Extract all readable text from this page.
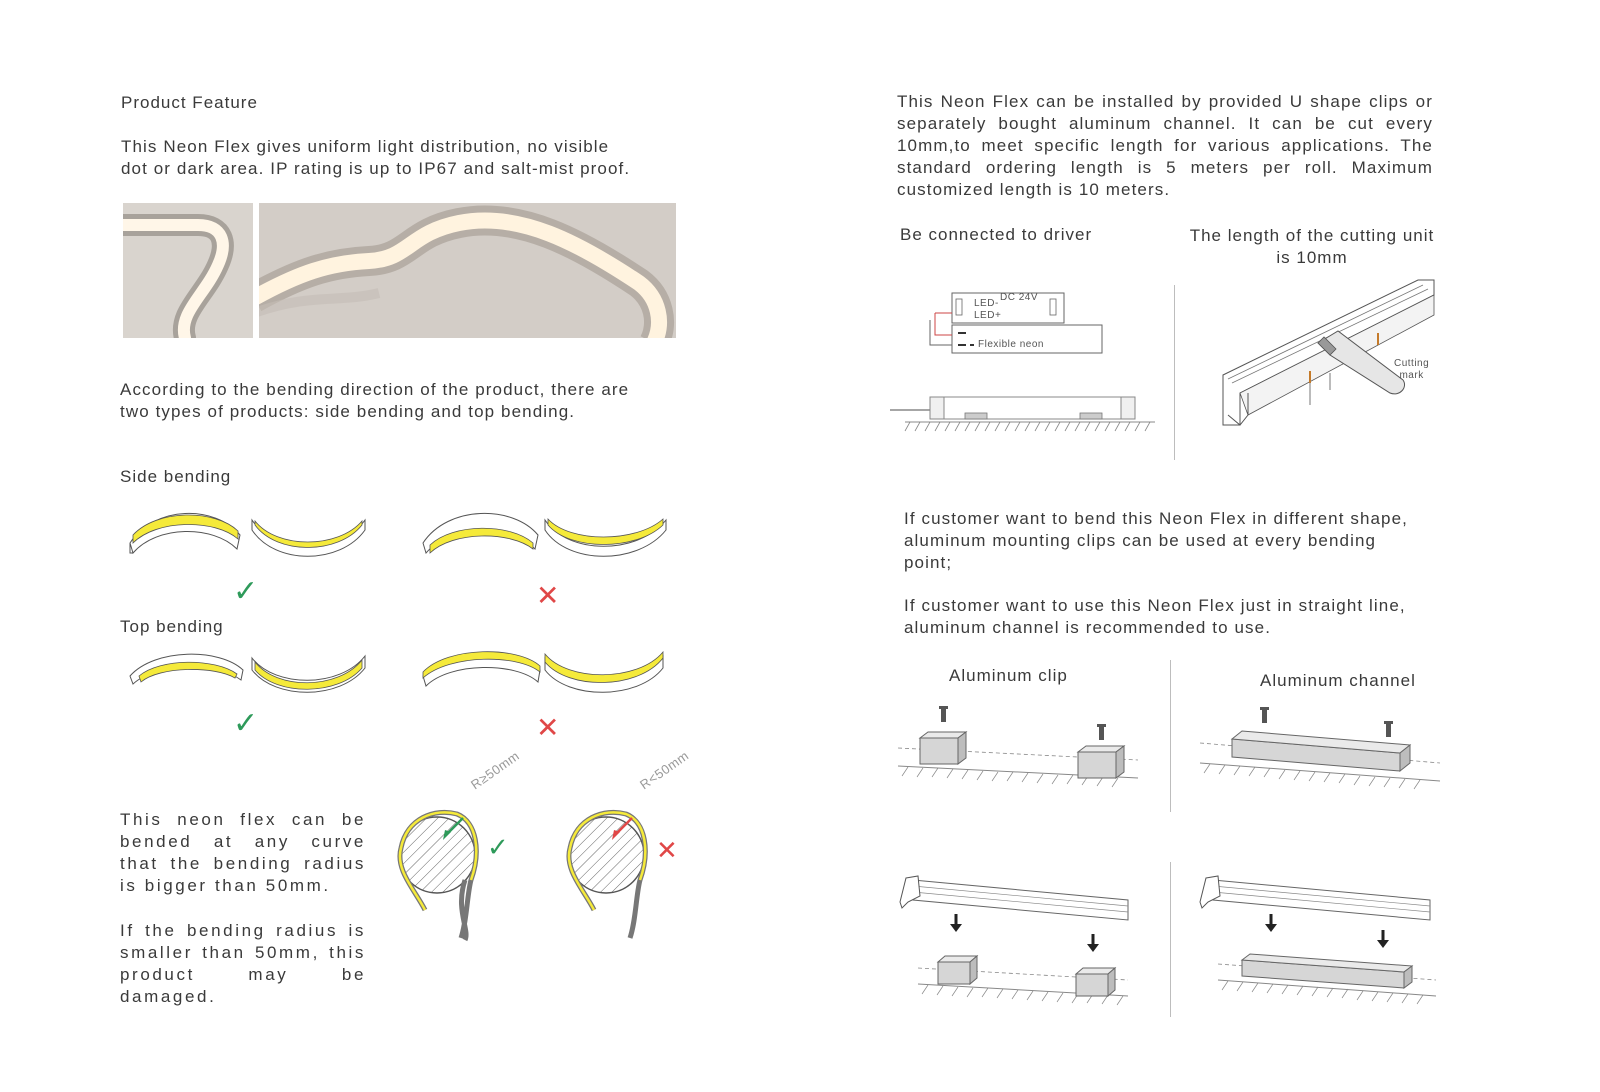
Product Feature
This Neon Flex gives uniform light distribution, no visible
dot or dark area. IP rating is up to IP67 and salt-mist proof.
According to the bending direction of the product, there are
two types of products: side bending and top bending.
Side bending
✓	✕
Top bending
✓	✕
This neon flex can be bended at any curve that the bending radius is bigger than 50mm.
If the bending radius is smaller than 50mm, this product may be damaged.
R≥50mm
✓
R<50mm
✕
This Neon Flex can be installed by provided U shape clips or separately bought aluminum channel. It can be cut every 10mm,to meet specific length for various applications. The standard ordering length is 5 meters per roll. Maximum customized length is 10 meters.
Be connected to driver	The length of the cutting unit
is 10mm
DC 24V
LED-
LED+
Flexible neon
Cutting
mark
If customer want to bend this Neon Flex in different shape,
aluminum mounting clips can be used at every bending
point;
If customer want to use this Neon Flex just in straight line,
aluminum channel is recommended to use.
Aluminum clip	Aluminum channel
